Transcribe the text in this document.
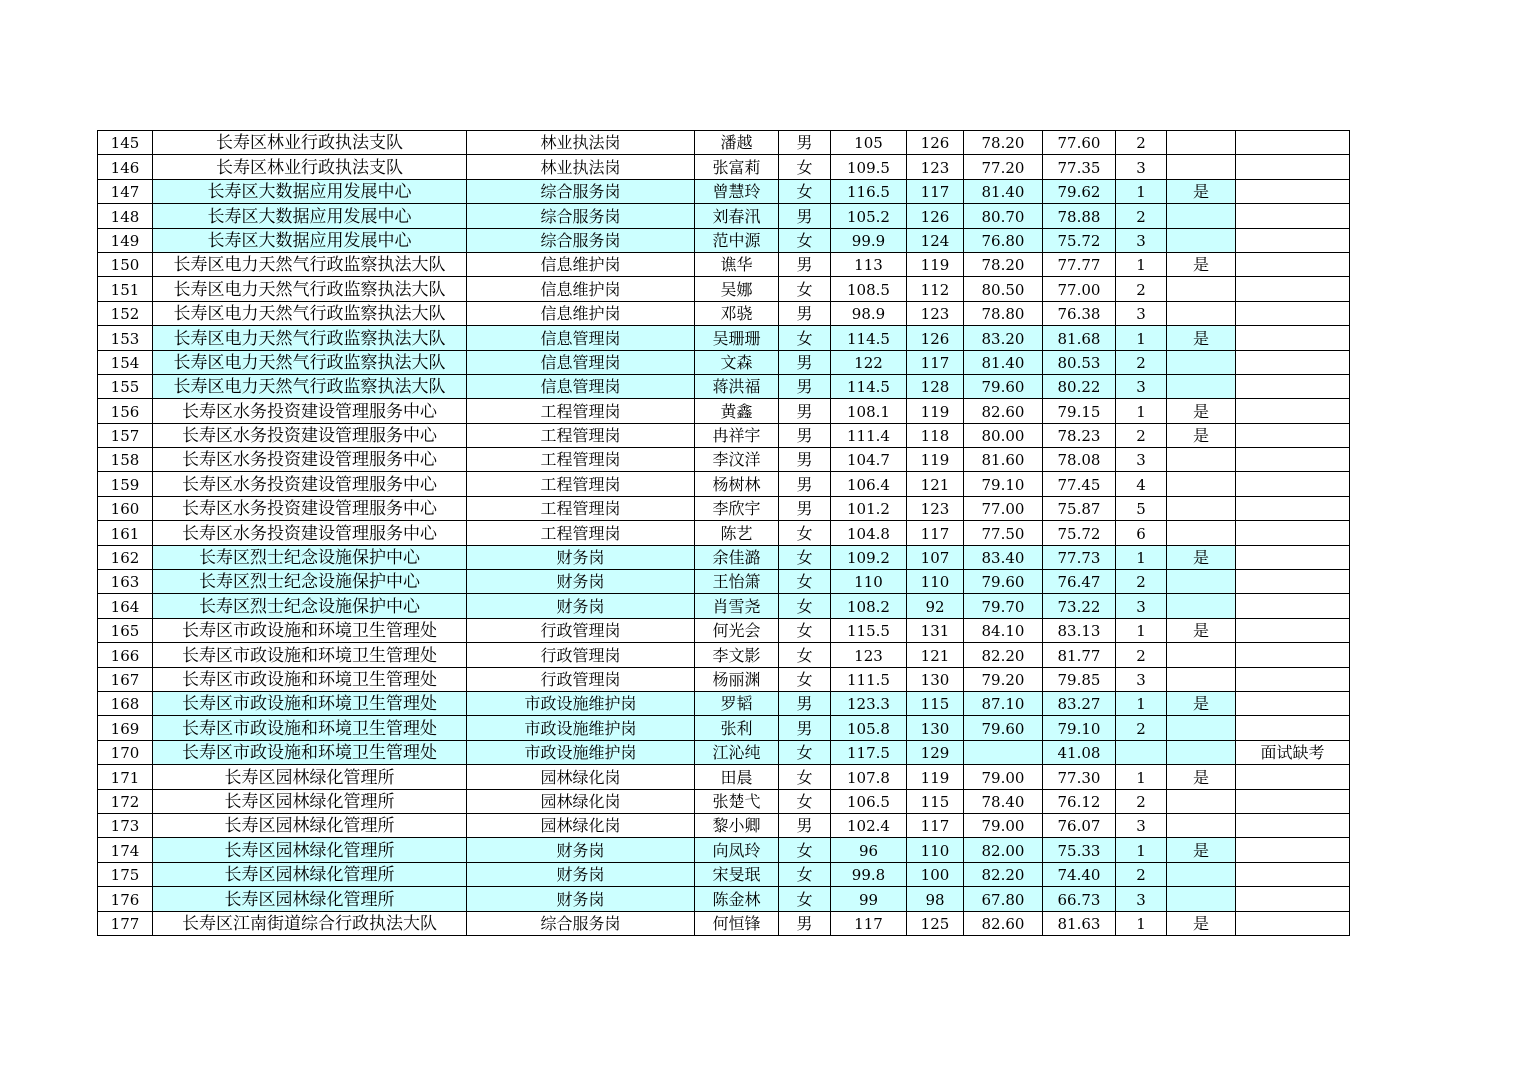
145	长寿区林业行政执法支队	林业执法岗	潘越	男	105	126	78.20	77.60	2		
146	长寿区林业行政执法支队	林业执法岗	张富莉	女	109.5	123	77.20	77.35	3		
147	长寿区大数据应用发展中心	综合服务岗	曾慧玲	女	116.5	117	81.40	79.62	1	是	
148	长寿区大数据应用发展中心	综合服务岗	刘春汛	男	105.2	126	80.70	78.88	2		
149	长寿区大数据应用发展中心	综合服务岗	范中源	女	99.9	124	76.80	75.72	3		
150	长寿区电力天然气行政监察执法大队	信息维护岗	谯华	男	113	119	78.20	77.77	1	是	
151	长寿区电力天然气行政监察执法大队	信息维护岗	吴娜	女	108.5	112	80.50	77.00	2		
152	长寿区电力天然气行政监察执法大队	信息维护岗	邓骁	男	98.9	123	78.80	76.38	3		
153	长寿区电力天然气行政监察执法大队	信息管理岗	吴珊珊	女	114.5	126	83.20	81.68	1	是	
154	长寿区电力天然气行政监察执法大队	信息管理岗	文森	男	122	117	81.40	80.53	2		
155	长寿区电力天然气行政监察执法大队	信息管理岗	蒋洪福	男	114.5	128	79.60	80.22	3		
156	长寿区水务投资建设管理服务中心	工程管理岗	黄鑫	男	108.1	119	82.60	79.15	1	是	
157	长寿区水务投资建设管理服务中心	工程管理岗	冉祥宇	男	111.4	118	80.00	78.23	2	是	
158	长寿区水务投资建设管理服务中心	工程管理岗	李汶洋	男	104.7	119	81.60	78.08	3		
159	长寿区水务投资建设管理服务中心	工程管理岗	杨树林	男	106.4	121	79.10	77.45	4		
160	长寿区水务投资建设管理服务中心	工程管理岗	李欣宇	男	101.2	123	77.00	75.87	5		
161	长寿区水务投资建设管理服务中心	工程管理岗	陈艺	女	104.8	117	77.50	75.72	6		
162	长寿区烈士纪念设施保护中心	财务岗	余佳潞	女	109.2	107	83.40	77.73	1	是	
163	长寿区烈士纪念设施保护中心	财务岗	王怡箫	女	110	110	79.60	76.47	2		
164	长寿区烈士纪念设施保护中心	财务岗	肖雪尧	女	108.2	92	79.70	73.22	3		
165	长寿区市政设施和环境卫生管理处	行政管理岗	何光会	女	115.5	131	84.10	83.13	1	是	
166	长寿区市政设施和环境卫生管理处	行政管理岗	李文影	女	123	121	82.20	81.77	2		
167	长寿区市政设施和环境卫生管理处	行政管理岗	杨丽渊	女	111.5	130	79.20	79.85	3		
168	长寿区市政设施和环境卫生管理处	市政设施维护岗	罗韬	男	123.3	115	87.10	83.27	1	是	
169	长寿区市政设施和环境卫生管理处	市政设施维护岗	张利	男	105.8	130	79.60	79.10	2		
170	长寿区市政设施和环境卫生管理处	市政设施维护岗	江沁纯	女	117.5	129		41.08			面试缺考
171	长寿区园林绿化管理所	园林绿化岗	田晨	女	107.8	119	79.00	77.30	1	是	
172	长寿区园林绿化管理所	园林绿化岗	张楚弋	女	106.5	115	78.40	76.12	2		
173	长寿区园林绿化管理所	园林绿化岗	黎小卿	男	102.4	117	79.00	76.07	3		
174	长寿区园林绿化管理所	财务岗	向凤玲	女	96	110	82.00	75.33	1	是	
175	长寿区园林绿化管理所	财务岗	宋旻珉	女	99.8	100	82.20	74.40	2		
176	长寿区园林绿化管理所	财务岗	陈金林	女	99	98	67.80	66.73	3		
177	长寿区江南街道综合行政执法大队	综合服务岗	何恒锋	男	117	125	82.60	81.63	1	是	
